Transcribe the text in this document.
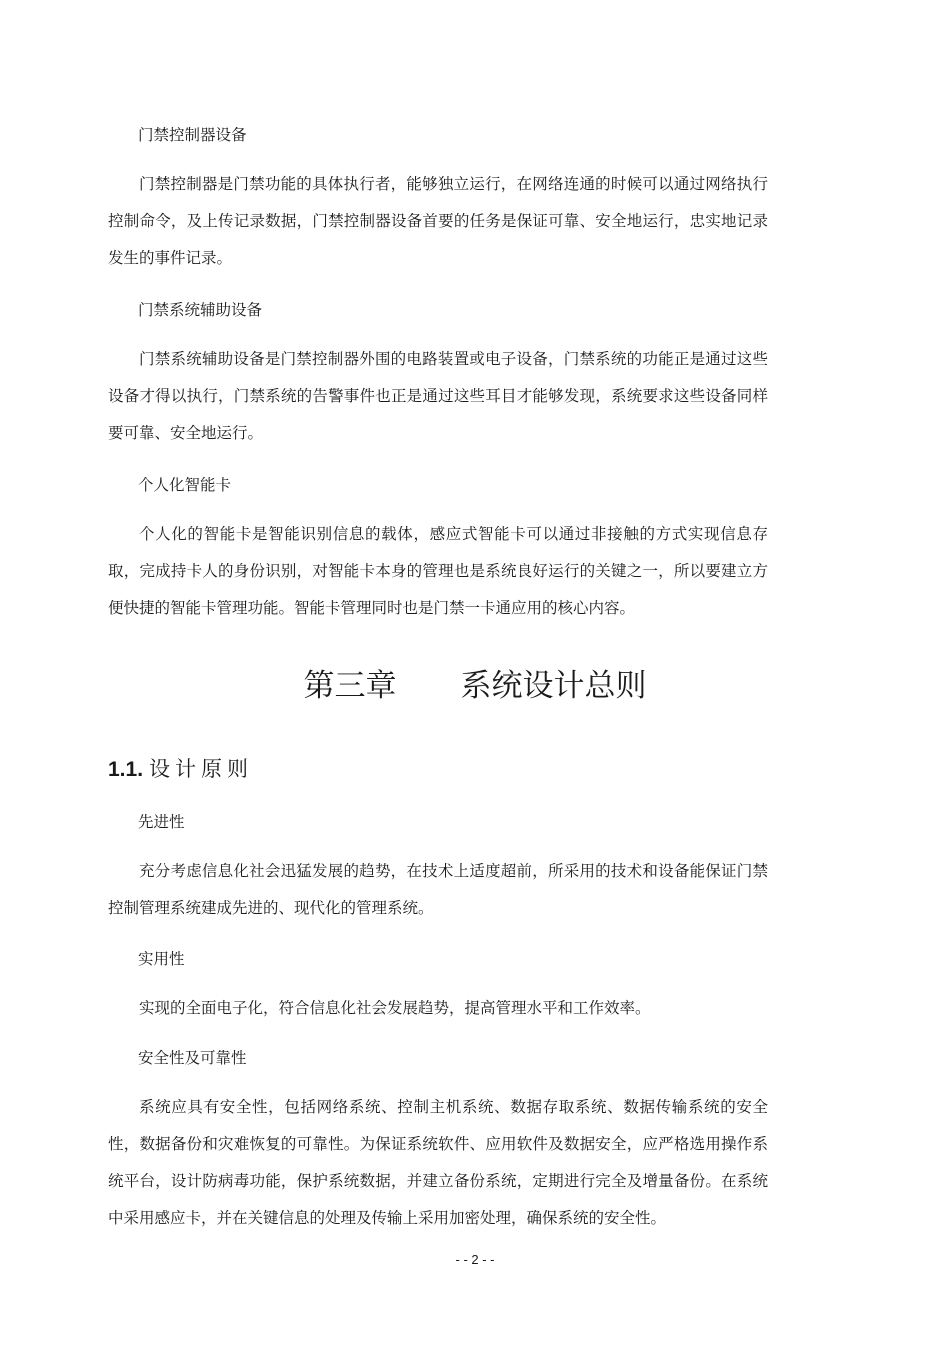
门禁控制器设备

门禁控制器是门禁功能的具体执行者，能够独立运行，在网络连通的时候可以通过网络执行控制命令，及上传记录数据，门禁控制器设备首要的任务是保证可靠、安全地运行，忠实地记录发生的事件记录。

门禁系统辅助设备

门禁系统辅助设备是门禁控制器外围的电路装置或电子设备，门禁系统的功能正是通过这些设备才得以执行，门禁系统的告警事件也正是通过这些耳目才能够发现，系统要求这些设备同样要可靠、安全地运行。

个人化智能卡

个人化的智能卡是智能识别信息的载体，感应式智能卡可以通过非接触的方式实现信息存取，完成持卡人的身份识别，对智能卡本身的管理也是系统良好运行的关键之一，所以要建立方便快捷的智能卡管理功能。智能卡管理同时也是门禁一卡通应用的核心内容。

第三章 系统设计总则
1.1. 设计原则

先进性

充分考虑信息化社会迅猛发展的趋势，在技术上适度超前，所采用的技术和设备能保证门禁控制管理系统建成先进的、现代化的管理系统。

实用性

实现的全面电子化，符合信息化社会发展趋势，提高管理水平和工作效率。

安全性及可靠性

系统应具有安全性，包括网络系统、控制主机系统、数据存取系统、数据传输系统的安全性，数据备份和灾难恢复的可靠性。为保证系统软件、应用软件及数据安全，应严格选用操作系统平台，设计防病毒功能，保护系统数据，并建立备份系统，定期进行完全及增量备份。在系统中采用感应卡，并在关键信息的处理及传输上采用加密处理，确保系统的安全性。

- - 2 - -
